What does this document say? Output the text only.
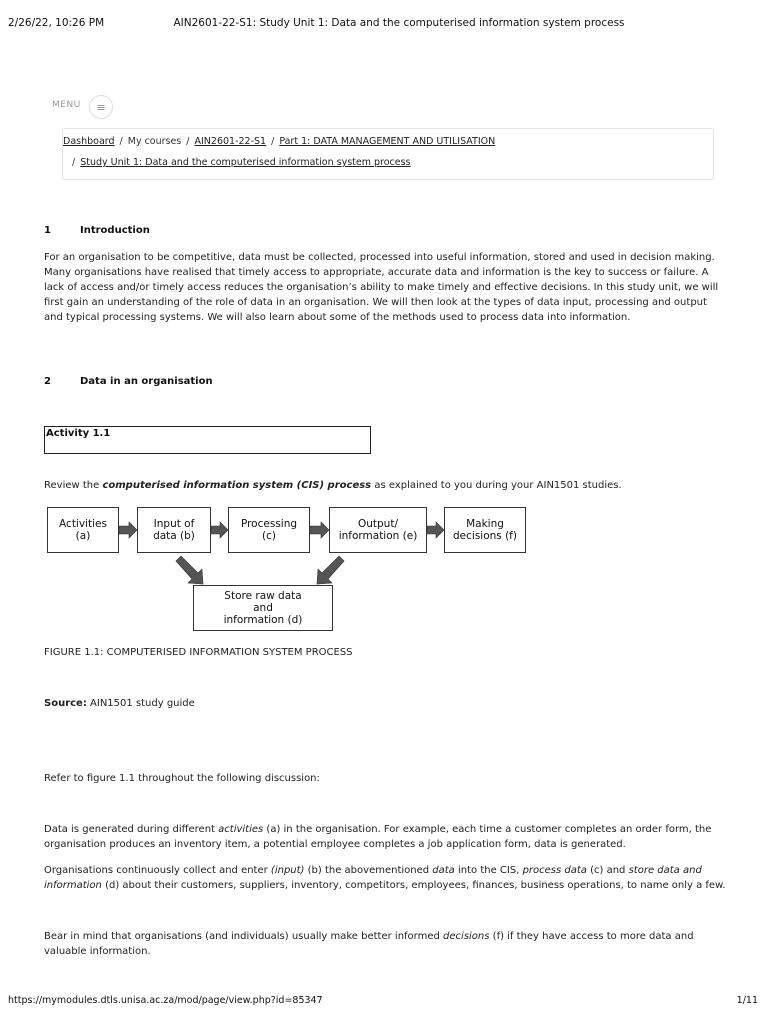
2/26/22, 10:26 PM	AIN2601-22-S1: Study Unit 1: Data and the computerised information system process
MENU ≡
Dashboard / My courses / AIN2601-22-S1 / Part 1: DATA MANAGEMENT AND UTILISATION
/ Study Unit 1: Data and the computerised information system process
1	Introduction
For an organisation to be competitive, data must be collected, processed into useful information, stored and used in decision making. Many organisations have realised that timely access to appropriate, accurate data and information is the key to success or failure. A lack of access and/or timely access reduces the organisation’s ability to make timely and effective decisions. In this study unit, we will first gain an understanding of the role of data in an organisation. We will then look at the types of data input, processing and output and typical processing systems. We will also learn about some of the methods used to process data into information.
2	Data in an organisation
Activity 1.1
Review the computerised information system (CIS) process as explained to you during your AIN1501 studies.
Activities
(a)
Input of
data (b)
Processing
(c)
Output/
information (e)
Making
decisions (f)
Store raw data
and
information (d)
FIGURE 1.1: COMPUTERISED INFORMATION SYSTEM PROCESS
Source: AIN1501 study guide
Refer to figure 1.1 throughout the following discussion:
Data is generated during different activities (a) in the organisation. For example, each time a customer completes an order form, the organisation produces an inventory item, a potential employee completes a job application form, data is generated.
Organisations continuously collect and enter (input) (b) the abovementioned data into the CIS, process data (c) and store data and information (d) about their customers, suppliers, inventory, competitors, employees, finances, business operations, to name only a few.
Bear in mind that organisations (and individuals) usually make better informed decisions (f) if they have access to more data and valuable information.
https://mymodules.dtls.unisa.ac.za/mod/page/view.php?id=85347	1/11
